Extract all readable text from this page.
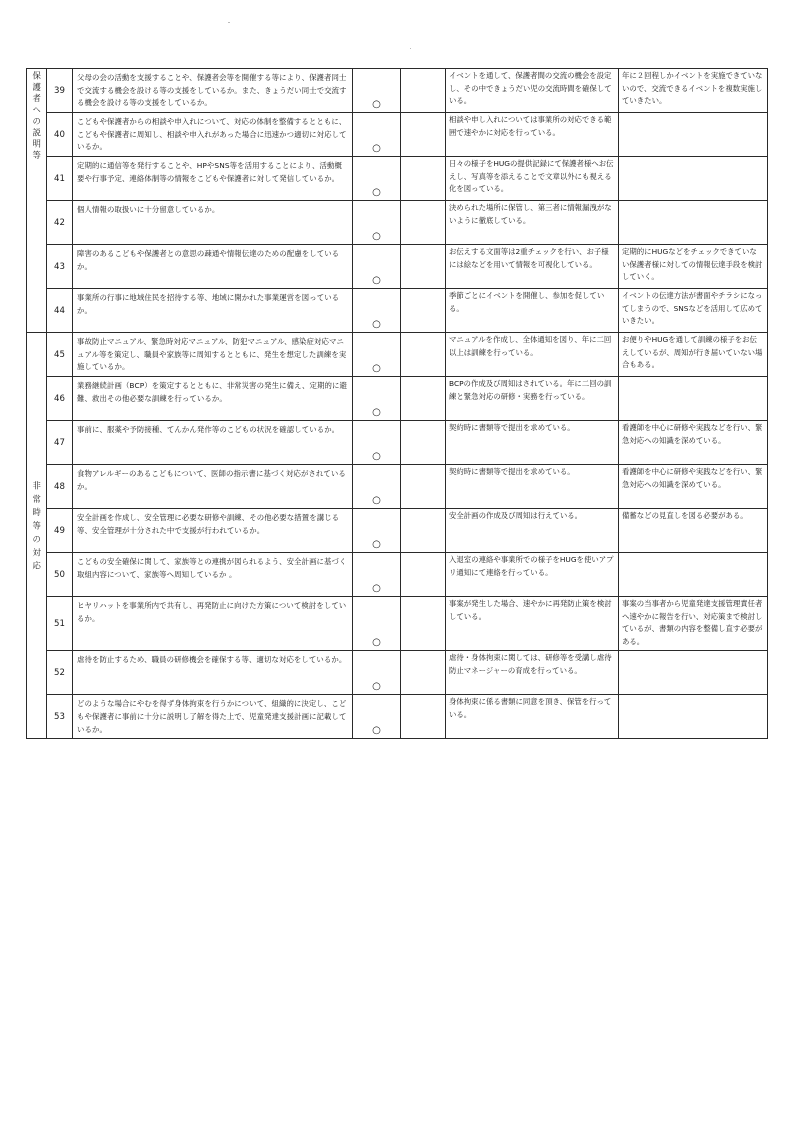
保護者への説明等	39	父母の会の活動を支援することや、保護者会等を開催する等により、保護者同士で交流する機会を設ける等の支援をしているか。また、きょうだい同士で交流する機会を設ける等の支援をしているか。	○		イベントを通して、保護者間の交流の機会を設定し、その中できょうだい児の交流時間を確保している。	年に２回程しかイベントを実施できていないので、交流できるイベントを複数実施していきたい。
	40	こどもや保護者からの相談や申入れについて、対応の体制を整備するとともに、こどもや保護者に周知し、相談や申入れがあった場合に迅速かつ適切に対応しているか。	○		相談や申し入れについては事業所の対応できる範囲で速やかに対応を行っている。	
	41	定期的に通信等を発行することや、HPやSNS等を活用することにより、活動概要や行事予定、連絡体制等の情報をこどもや保護者に対して発信しているか。	○		日々の様子をHUGの提供記録にて保護者様へお伝えし、写真等を添えることで文章以外にも視える化を図っている。	
	42	個人情報の取扱いに十分留意しているか。	○		決められた場所に保管し、第三者に情報漏洩がないように徹底している。	
	43	障害のあるこどもや保護者との意思の疎通や情報伝達のための配慮をしているか。	○		お伝えする文面等は2重チェックを行い、お子様には絵などを用いて情報を可視化している。	定期的にHUGなどをチェックできていない保護者様に対しての情報伝達手段を検討していく。
	44	事業所の行事に地域住民を招待する等、地域に開かれた事業運営を図っているか。	○		季節ごとにイベントを開催し、参加を促している。	イベントの伝達方法が書面やチラシになってしまうので、SNSなどを活用して広めていきたい。
非常時等の対応	45	事故防止マニュアル、緊急時対応マニュアル、防犯マニュアル、感染症対応マニュアル等を策定し、職員や家族等に周知するとともに、発生を想定した訓練を実施しているか。	○		マニュアルを作成し、全体通知を図り、年に二回以上は訓練を行っている。	お便りやHUGを通して訓練の様子をお伝えしているが、周知が行き届いていない場合もある。
	46	業務継続計画（BCP）を策定するとともに、非常災害の発生に備え、定期的に避難、救出その他必要な訓練を行っているか。	○		BCPの作成及び周知はされている。年に二回の訓練と緊急対応の研修・実務を行っている。	
	47	事前に、服薬や予防接種、てんかん発作等のこどもの状況を確認しているか。	○		契約時に書類等で提出を求めている。	看護師を中心に研修や実践などを行い、緊急対応への知識を深めている。
	48	食物アレルギーのあるこどもについて、医師の指示書に基づく対応がされているか。	○		契約時に書類等で提出を求めている。	看護師を中心に研修や実践などを行い、緊急対応への知識を深めている。
	49	安全計画を作成し、安全管理に必要な研修や訓練、その他必要な措置を講じる等、安全管理が十分された中で支援が行われているか。	○		安全計画の作成及び周知は行えている。	備蓄などの見直しを図る必要がある。
	50	こどもの安全確保に関して、家族等との連携が図られるよう、安全計画に基づく取組内容について、家族等へ周知しているか 。	○		入退室の連絡や事業所での様子をHUGを使いアプリ通知にて連絡を行っている。	
	51	ヒヤリハットを事業所内で共有し、再発防止に向けた方策について検討をしているか。	○		事案が発生した場合、速やかに再発防止策を検討している。	事案の当事者から児童発達支援管理責任者へ速やかに報告を行い、対応策まで検討しているが、書類の内容を整備し直す必要がある。
	52	虐待を防止するため、職員の研修機会を確保する等、適切な対応をしているか。	○		虐待・身体拘束に関しては、研修等を受講し虐待防止マネージャーの育成を行っている。	
	53	どのような場合にやむを得ず身体拘束を行うかについて、組織的に決定し、こどもや保護者に事前に十分に説明し了解を得た上で、児童発達支援計画に記載しているか。	○		身体拘束に係る書類に同意を頂き、保管を行っている。	
